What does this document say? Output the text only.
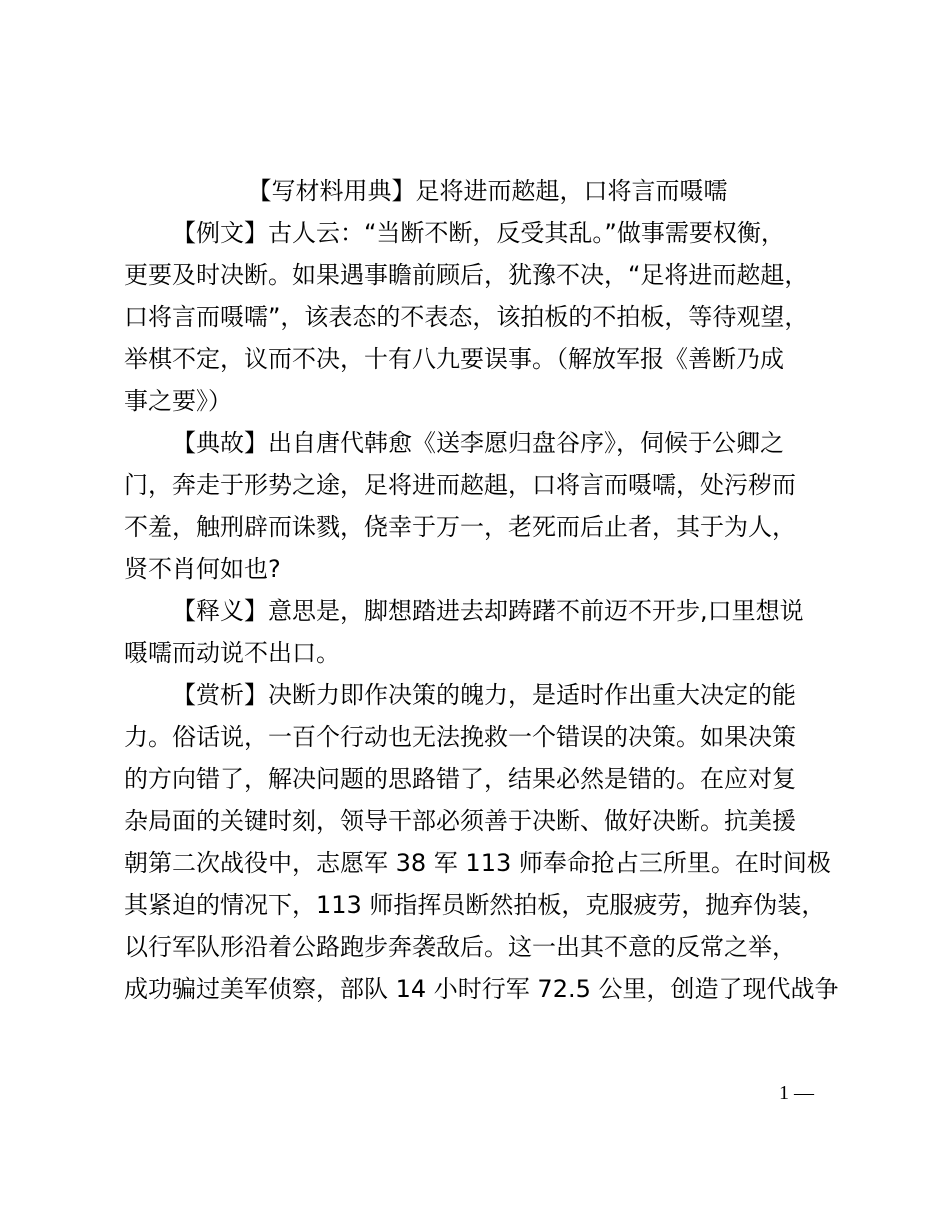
【写材料用典】足将进而趑趄，口将言而嗫嚅
【例文】古人云：“当断不断，反受其乱。”做事需要权衡，
更要及时决断。如果遇事瞻前顾后，犹豫不决，“足将进而趑趄，
口将言而嗫嚅”，该表态的不表态，该拍板的不拍板，等待观望，
举棋不定，议而不决，十有八九要误事。（解放军报《善断乃成
事之要》）
【典故】出自唐代韩愈《送李愿归盘谷序》，伺候于公卿之
门，奔走于形势之途，足将进而趑趄，口将言而嗫嚅，处污秽而
不羞，触刑辟而诛戮，侥幸于万一，老死而后止者，其于为人，
贤不肖何如也?
【释义】意思是，脚想踏进去却踌躇不前迈不开步,口里想说
嗫嚅而动说不出口。
【赏析】决断力即作决策的魄力，是适时作出重大决定的能
力。俗话说，一百个行动也无法挽救一个错误的决策。如果决策
的方向错了，解决问题的思路错了，结果必然是错的。在应对复
杂局面的关键时刻，领导干部必须善于决断、做好决断。抗美援
朝第二次战役中，志愿军 38 军 113 师奉命抢占三所里。在时间极
其紧迫的情况下，113 师指挥员断然拍板，克服疲劳，抛弃伪装，
以行军队形沿着公路跑步奔袭敌后。这一出其不意的反常之举，
成功骗过美军侦察，部队 14 小时行军 72.5 公里，创造了现代战争
1 —
